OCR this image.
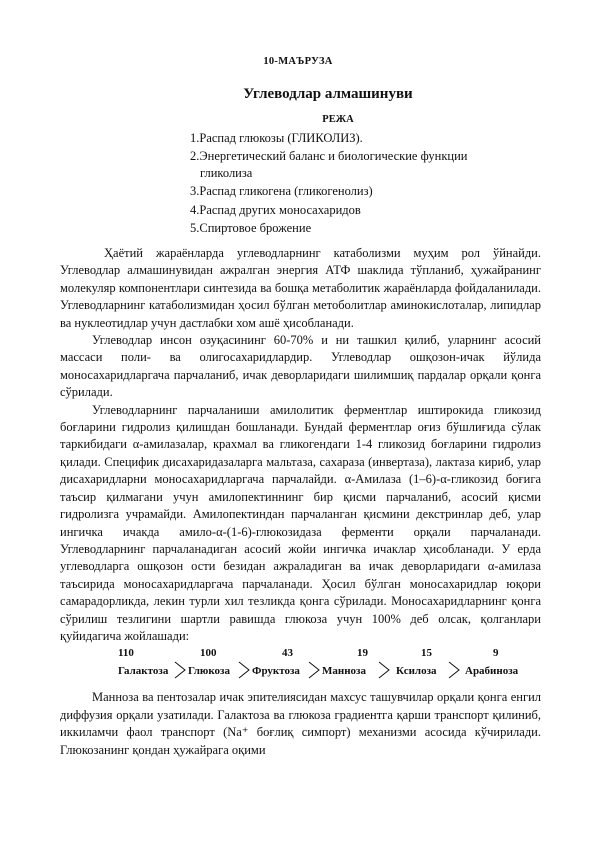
10-МАЪРУЗА
Углеводлар алмашинуви
РЕЖА
1.Распад глюкозы (ГЛИКОЛИЗ).
2.Энергетический баланс и биологические функции
гликолиза
3.Распад гликогена (гликогенолиз)
4.Распад других моносахаридов
5.Спиртовое брожение

Ҳаётий жараёнларда углеводларнинг катаболизми муҳим рол ўйнайди. Углеводлар алмашинувидан ажралган энергия АТФ шаклида тўпланиб, ҳужайранинг молекуляр компонентлари синтезида ва бошқа метаболитик жараёнларда фойдаланилади. Углеводларнинг катаболизмидан ҳосил бўлган метоболитлар аминокислоталар, липидлар ва нуклеотидлар учун дастлабки хом ашё ҳисобланади.

Углеводлар инсон озуқасининг 60-70% и ни ташкил қилиб, уларнинг асосий массаси поли- ва олигосахаридлардир. Углеводлар ошқозон-ичак йўлида моносахаридларгача парчаланиб, ичак деворларидаги шилимшиқ пардалар орқали қонга сўрилади.

Углеводларнинг парчаланиши амилолитик ферментлар иштирокида гликозид боғларини гидролиз қилишдан бошланади. Бундай ферментлар оғиз бўшлиғида сўлак таркибидаги α-амилазалар, крахмал ва гликогендаги 1-4 гликозид боғларини гидролиз қилади. Специфик дисахаридазаларга мальтаза, сахараза (инвертаза), лактаза кириб, улар дисахаридларни моносахаридларгача парчалайди. α-Амилаза (1–6)-α-гликозид боғига таъсир қилмагани учун амилопектиннинг бир қисми парчаланиб, асосий қисми гидролизга учрамайди. Амилопектиндан парчаланган қисмини декстринлар деб, улар ингичка ичакда амило-α-(1-6)-глюкозидаза ферменти орқали парчаланади. Углеводларнинг парчаланадиган асосий жойи ингичка ичаклар ҳисобланади. У ерда углеводларга ошқозон ости безидан ажраладиган ва ичак деворларидаги α-амилаза таъсирида моносахаридларгача парчаланади. Ҳосил бўлган моносахаридлар юқори самарадорликда, лекин турли хил тезликда қонга сўрилади. Моносахаридларнинг қонга сўрилиш тезлигини шартли равишда глюкоза учун 100% деб олсак, қолганлари қуйидагича жойлашади:

110	100	43	19	15	9
Галактоза Глюкоза Фруктоза Манноза	Ксилоза	Арабиноза

Манноза ва пентозалар ичак эпителиясидан махсус ташувчилар орқали қонга енгил диффузия орқали узатилади. Галактоза ва глюкоза градиентга қарши транспорт қилиниб, иккиламчи фаол транспорт (Na⁺ боғлиқ симпорт) механизми асосида кўчирилади. Глюкозанинг қондан ҳужайрага оқими
